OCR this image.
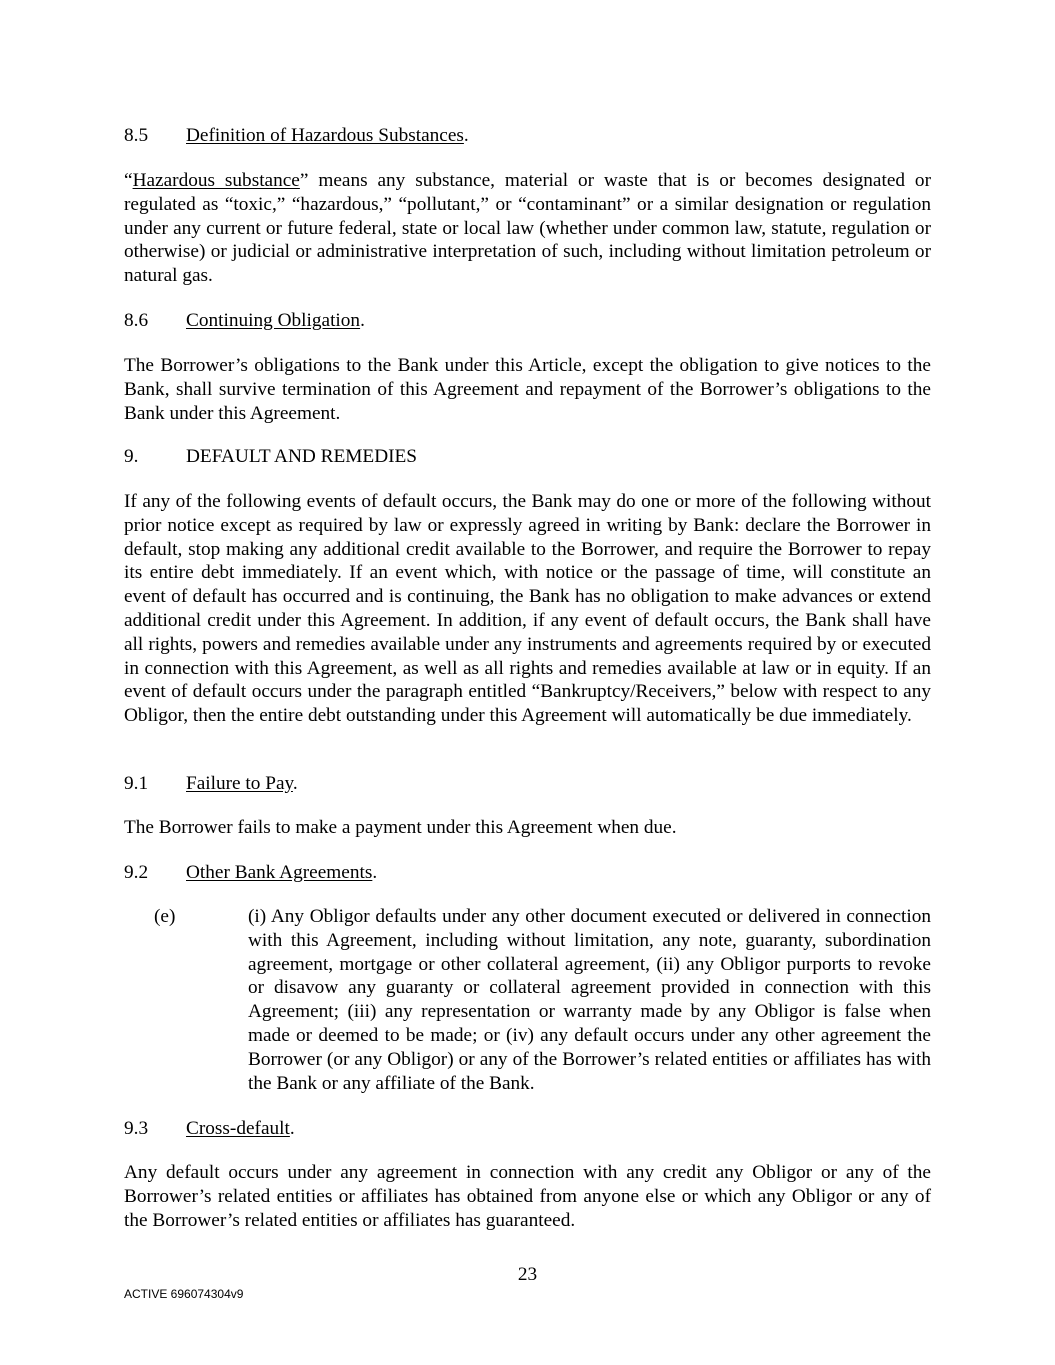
8.5 Definition of Hazardous Substances.
“Hazardous substance” means any substance, material or waste that is or becomes designated or regulated as “toxic,” “hazardous,” “pollutant,” or “contaminant” or a similar designation or regulation under any current or future federal, state or local law (whether under common law, statute, regulation or otherwise) or judicial or administrative interpretation of such, including without limitation petroleum or natural gas.
8.6 Continuing Obligation.
The Borrower’s obligations to the Bank under this Article, except the obligation to give notices to the Bank, shall survive termination of this Agreement and repayment of the Borrower’s obligations to the Bank under this Agreement.
9. DEFAULT AND REMEDIES
If any of the following events of default occurs, the Bank may do one or more of the following without prior notice except as required by law or expressly agreed in writing by Bank: declare the Borrower in default, stop making any additional credit available to the Borrower, and require the Borrower to repay its entire debt immediately. If an event which, with notice or the passage of time, will constitute an event of default has occurred and is continuing, the Bank has no obligation to make advances or extend additional credit under this Agreement. In addition, if any event of default occurs, the Bank shall have all rights, powers and remedies available under any instruments and agreements required by or executed in connection with this Agreement, as well as all rights and remedies available at law or in equity. If an event of default occurs under the paragraph entitled “Bankruptcy/Receivers,” below with respect to any Obligor, then the entire debt outstanding under this Agreement will automatically be due immediately.
9.1 Failure to Pay.
The Borrower fails to make a payment under this Agreement when due.
9.2 Other Bank Agreements.
(e)	(i) Any Obligor defaults under any other document executed or delivered in connection with this Agreement, including without limitation, any note, guaranty, subordination agreement, mortgage or other collateral agreement, (ii) any Obligor purports to revoke or disavow any guaranty or collateral agreement provided in connection with this Agreement; (iii) any representation or warranty made by any Obligor is false when made or deemed to be made; or (iv) any default occurs under any other agreement the Borrower (or any Obligor) or any of the Borrower’s related entities or affiliates has with the Bank or any affiliate of the Bank.
9.3 Cross-default.
Any default occurs under any agreement in connection with any credit any Obligor or any of the Borrower’s related entities or affiliates has obtained from anyone else or which any Obligor or any of the Borrower’s related entities or affiliates has guaranteed.
23
ACTIVE 696074304v9
